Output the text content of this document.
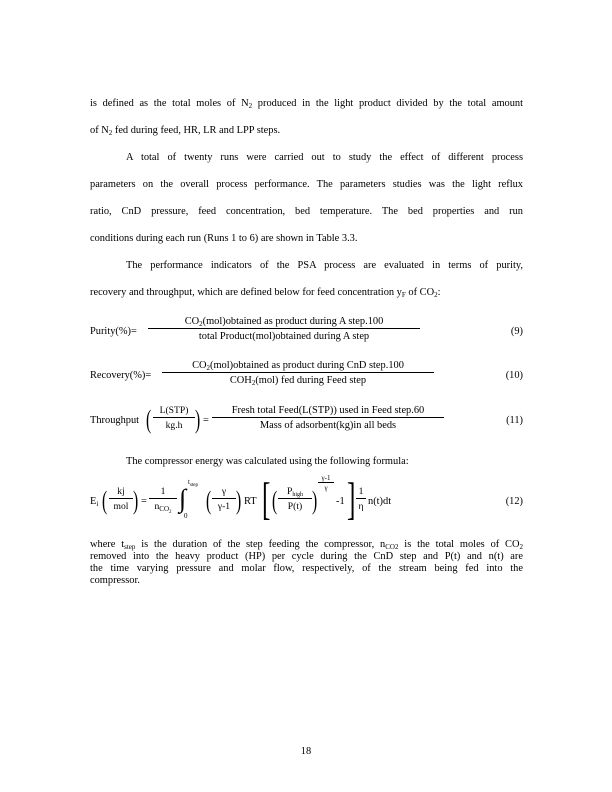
is defined as the total moles of $N_2$ produced in the light product divided by the total amount
of $N_2$ fed during feed, HR, LR and LPP steps.
A total of twenty runs were carried out to study the effect of different process
parameters on the overall process performance. The parameters studies was the light reflux
ratio, CnD pressure, feed concentration, bed temperature. The bed properties and run
conditions during each run (Runs 1 to 6) are shown in Table 3.3.
The performance indicators of the PSA process are evaluated in terms of purity,
recovery and throughput, which are defined below for feed concentration $y_F$ of $CO_2$:
Purity(%)=
$CO_2(mol)obtained$ as product during A step.100
total Product(mol)obtained during A step	(9)
Recovery(%)=
$CO_2(mol)obtained$ as product during CnD step.100
$COH_2(mol)$ fed during Feed step	(10)
Throughput ( L(STP)
kg.h ) =
Fresh total Feed(L(STP)) used in Feed step.60
Mass of adsorbent(kg)in all beds	(11)
The compressor energy was calculated using the following formula:
$E_i$ (	kj
mol ) =
1
$n_{CO_2}$ ∫
$t_{step}$
0
( $\frac{\gamma}{\gamma-1}$ ) RT [ (	$P_{high}$
P(t) )
$\frac{\gamma-1}{\gamma}$
-1 ] $\frac{1}{\eta} n(t)dt$	(12)
where $t_{step}$ is the duration of the step feeding the compressor, $n_{CO2}$ is the total moles of $CO_2$
removed into the heavy product (HP) per cycle during the CnD step and P(t) and n(t) are
the time varying pressure and molar flow, respectively, of the stream being fed into the
compressor.
18
